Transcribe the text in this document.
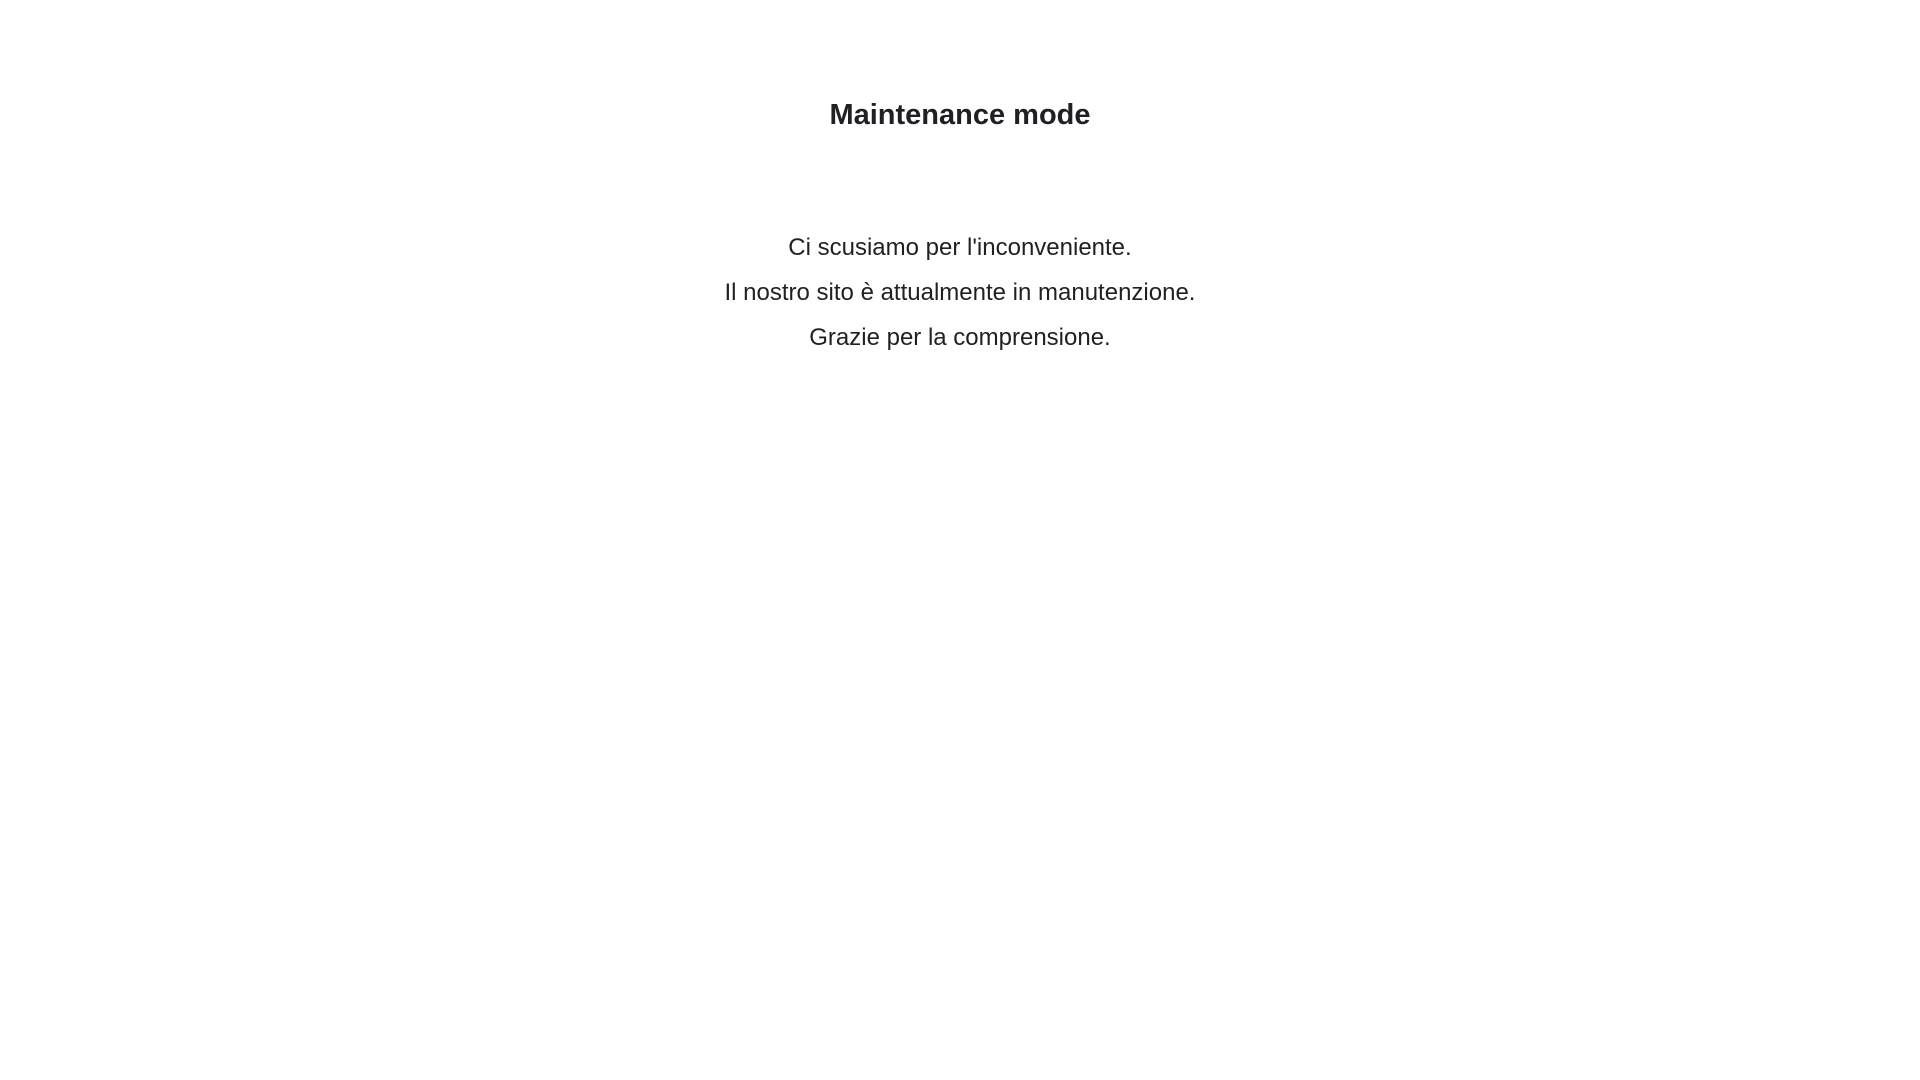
Maintenance mode

Ci scusiamo per l'inconveniente.

Il nostro sito è attualmente in manutenzione.

Grazie per la comprensione.
